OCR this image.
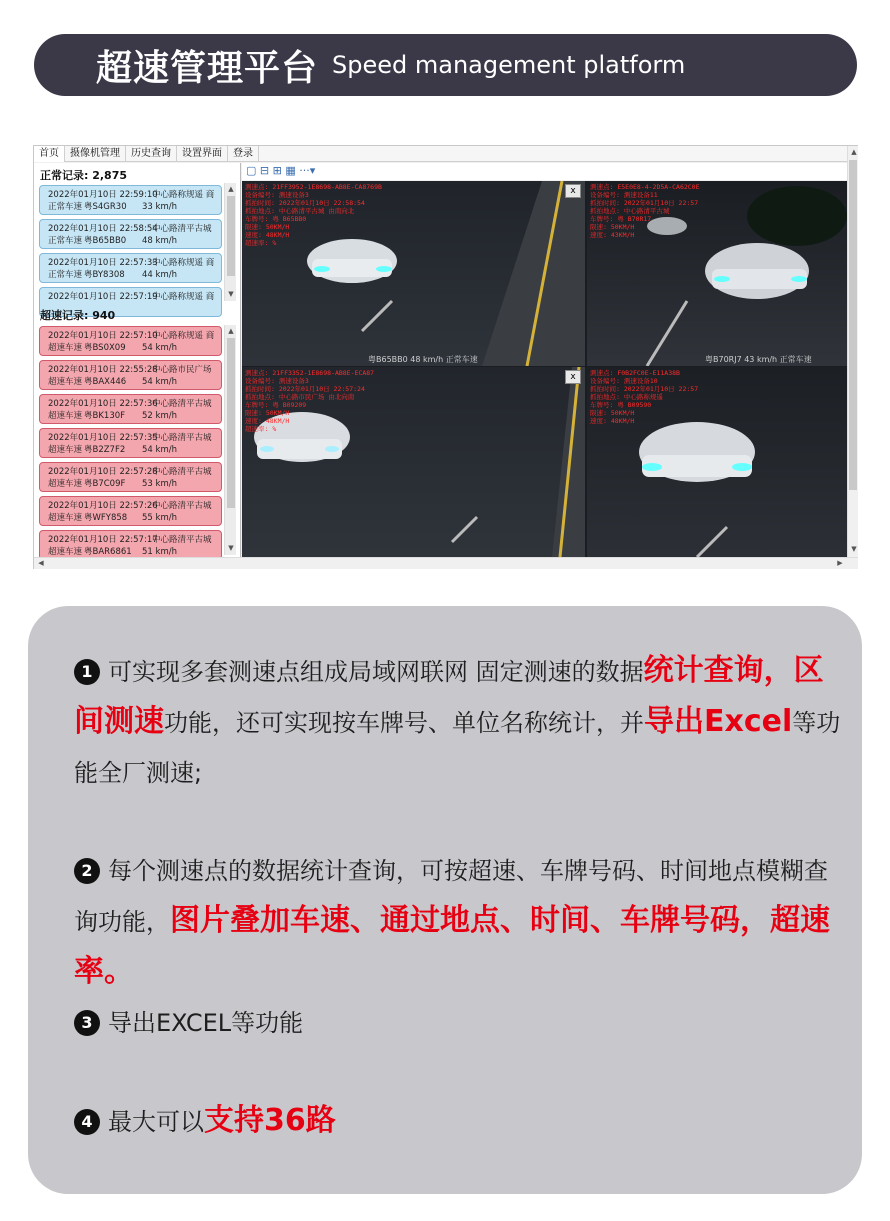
超速管理平台 Speed management platform
首页	摄像机管理	历史查询	设置界面	登录
正常记录: 2,875
2022年01月10日 22:59:10中心路称规遥 商
正常车速 粤S4GR30 33 km/h
2022年01月10日 22:58:54中心路清平古城
正常车速 粤B65BB0 48 km/h
2022年01月10日 22:57:33中心路称规遥 商
正常车速 粤BY8308 44 km/h
2022年01月10日 22:57:19中心路称规遥 商
▲
▼
超速记录: 940
2022年01月10日 22:57:10中心路称规遥 商
超速车速 粤BS0X09 54 km/h
2022年01月10日 22:55:28中心路市民广场
超速车速 粤BAX446 54 km/h
2022年01月10日 22:57:36中心路清平古城
超速车速 粤BK130F 52 km/h
2022年01月10日 22:57:35中心路清平古城
超速车速 粤B2Z7F2 54 km/h
2022年01月10日 22:57:28中心路清平古城
超速车速 粤B7C09F 53 km/h
2022年01月10日 22:57:26中心路清平古城
超速车速 粤WFY858 55 km/h
2022年01月10日 22:57:17中心路清平古城
超速车速 粤BAR6861 51 km/h
▲
▼
▢ ⊟ ⊞ ▦ ···▾
测速点: 21FF3952-1E8698-AB8E-CA8769B
设备编号: 测速设备3
抓拍时间: 2022年01月10日 22:58:54
抓拍地点: 中心路清平古城 由南向北
车牌号: 粤 B65BB0
限速: 50KM/H
速度: 48KM/H
超速率: %
x
粤B65BB0 48 km/h 正常车速
测速点: E5E0E8-4-2D5A-CA62C0E
设备编号: 测速设备11
抓拍时间: 2022年01月10日 22:57
抓拍地点: 中心路清平古城
车牌号: 粤 B70R17
限速: 50KM/H
速度: 43KM/H
粤B70RJ7 43 km/h 正常车速
测速点: 21FF3352-1E8698-AB8E-ECA87
设备编号: 测速设备3
抓拍时间: 2022年01月10日 22:57:24
抓拍地点: 中心路市民广场 由北向南
车牌号: 粤 B09209
限速: 50KM/H
速度: 48KM/H
超速率: %
x	测速点: F0B2FC0E-E11A38B
设备编号: 测速设备10
抓拍时间: 2022年01月10日 22:57
抓拍地点: 中心路称规遥
车牌号: 粤 B09590
限速: 50KM/H
速度: 48KM/H
▲
▼
◀	▶
1 可实现多套测速点组成局域网联网 固定测速的数据统计查询，区间测速功能，还可实现按车牌号、单位名称统计，并导出Excel等功能全厂测速;
2 每个测速点的数据统计查询，可按超速、车牌号码、时间地点模糊查询功能，图片叠加车速、通过地点、时间、车牌号码，超速率。
3 导出EXCEL等功能
4 最大可以支持36路
